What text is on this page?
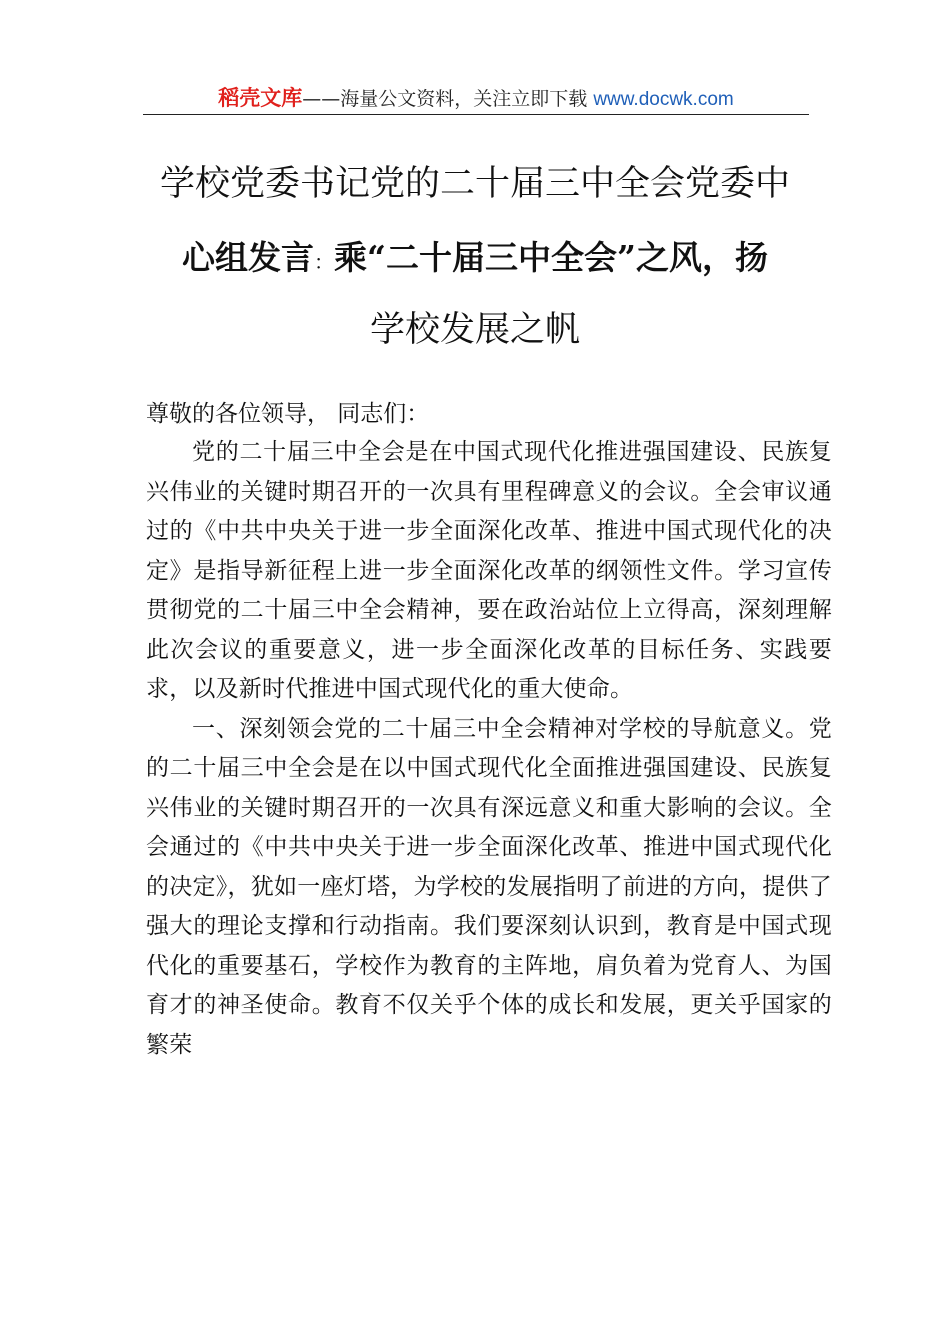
稻壳文库——海量公文资料，关注立即下载 www.docwk.com
学校党委书记党的二十届三中全会党委中
心组发言：乘“二十届三中全会”之风，扬
学校发展之帆

尊敬的各位领导， 同志们：

党的二十届三中全会是在中国式现代化推进强国建设、民族复兴伟业的关键时期召开的一次具有里程碑意义的会议。全会审议通过的《中共中央关于进一步全面深化改革、推进中国式现代化的决定》是指导新征程上进一步全面深化改革的纲领性文件。学习宣传贯彻党的二十届三中全会精神，要在政治站位上立得高，深刻理解此次会议的重要意义，进一步全面深化改革的目标任务、实践要求，以及新时代推进中国式现代化的重大使命。

一、深刻领会党的二十届三中全会精神对学校的导航意义。党的二十届三中全会是在以中国式现代化全面推进强国建设、民族复兴伟业的关键时期召开的一次具有深远意义和重大影响的会议。全会通过的《中共中央关于进一步全面深化改革、推进中国式现代化的决定》，犹如一座灯塔，为学校的发展指明了前进的方向，提供了强大的理论支撑和行动指南。我们要深刻认识到，教育是中国式现代化的重要基石，学校作为教育的主阵地，肩负着为党育人、为国育才的神圣使命。教育不仅关乎个体的成长和发展，更关乎国家的繁荣
